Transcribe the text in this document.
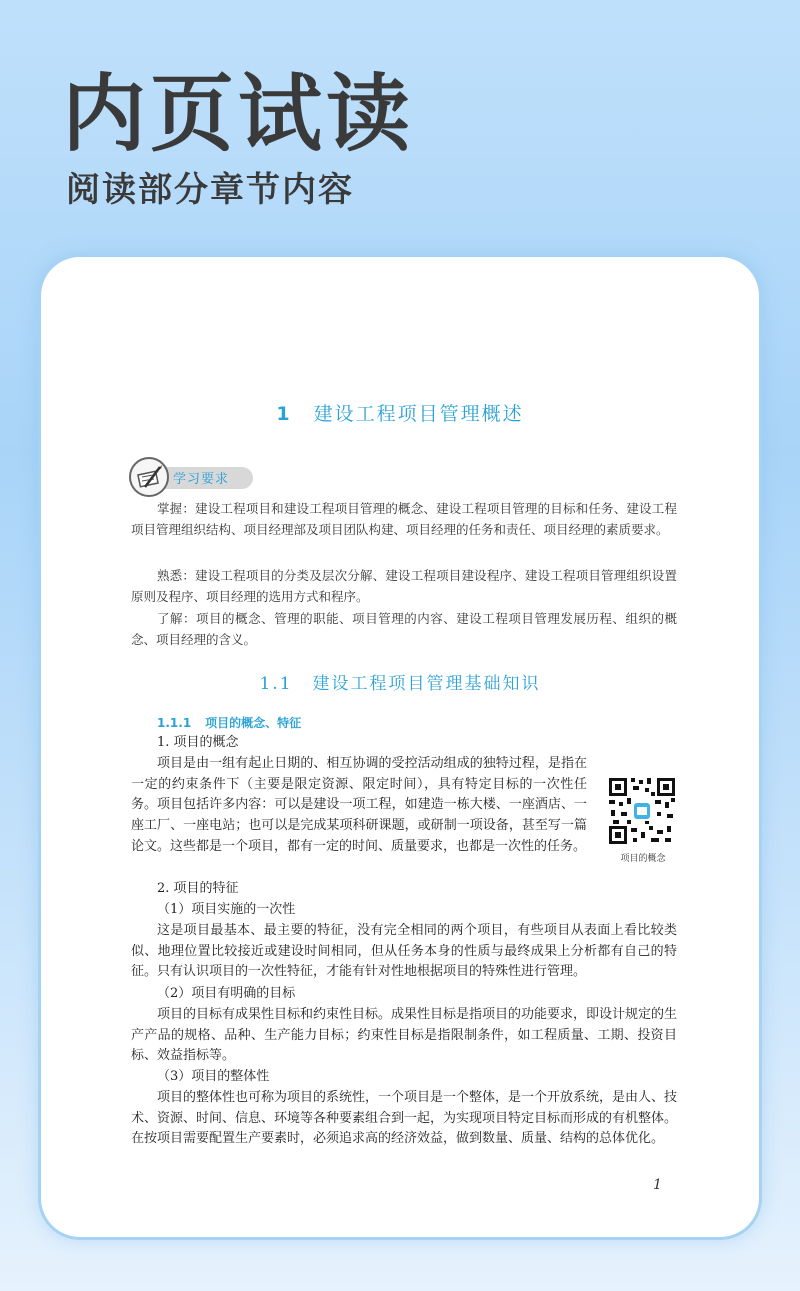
内页试读
阅读部分章节内容
1 建设工程项目管理概述
学习要求

掌握：建设工程项目和建设工程项目管理的概念、建设工程项目管理的目标和任务、建设工程项目管理组织结构、项目经理部及项目团队构建、项目经理的任务和责任、项目经理的素质要求。

熟悉：建设工程项目的分类及层次分解、建设工程项目建设程序、建设工程项目管理组织设置原则及程序、项目经理的选用方式和程序。

了解：项目的概念、管理的职能、项目管理的内容、建设工程项目管理发展历程、组织的概念、项目经理的含义。

1.1 建设工程项目管理基础知识
1.1.1 项目的概念、特征

1. 项目的概念

项目是由一组有起止日期的、相互协调的受控活动组成的独特过程，是指在一定的约束条件下（主要是限定资源、限定时间），具有特定目标的一次性任务。项目包括许多内容：可以是建设一项工程，如建造一栋大楼、一座酒店、一座工厂、一座电站；也可以是完成某项科研课题，或研制一项设备，甚至写一篇论文。这些都是一个项目，都有一定的时间、质量要求，也都是一次性的任务。

项目的概念

2. 项目的特征

（1）项目实施的一次性

这是项目最基本、最主要的特征，没有完全相同的两个项目，有些项目从表面上看比较类似、地理位置比较接近或建设时间相同，但从任务本身的性质与最终成果上分析都有自己的特征。只有认识项目的一次性特征，才能有针对性地根据项目的特殊性进行管理。

（2）项目有明确的目标

项目的目标有成果性目标和约束性目标。成果性目标是指项目的功能要求，即设计规定的生产产品的规格、品种、生产能力目标；约束性目标是指限制条件，如工程质量、工期、投资目标、效益指标等。

（3）项目的整体性

项目的整体性也可称为项目的系统性，一个项目是一个整体，是一个开放系统，是由人、技术、资源、时间、信息、环境等各种要素组合到一起，为实现项目特定目标而形成的有机整体。在按项目需要配置生产要素时，必须追求高的经济效益，做到数量、质量、结构的总体优化。

1
